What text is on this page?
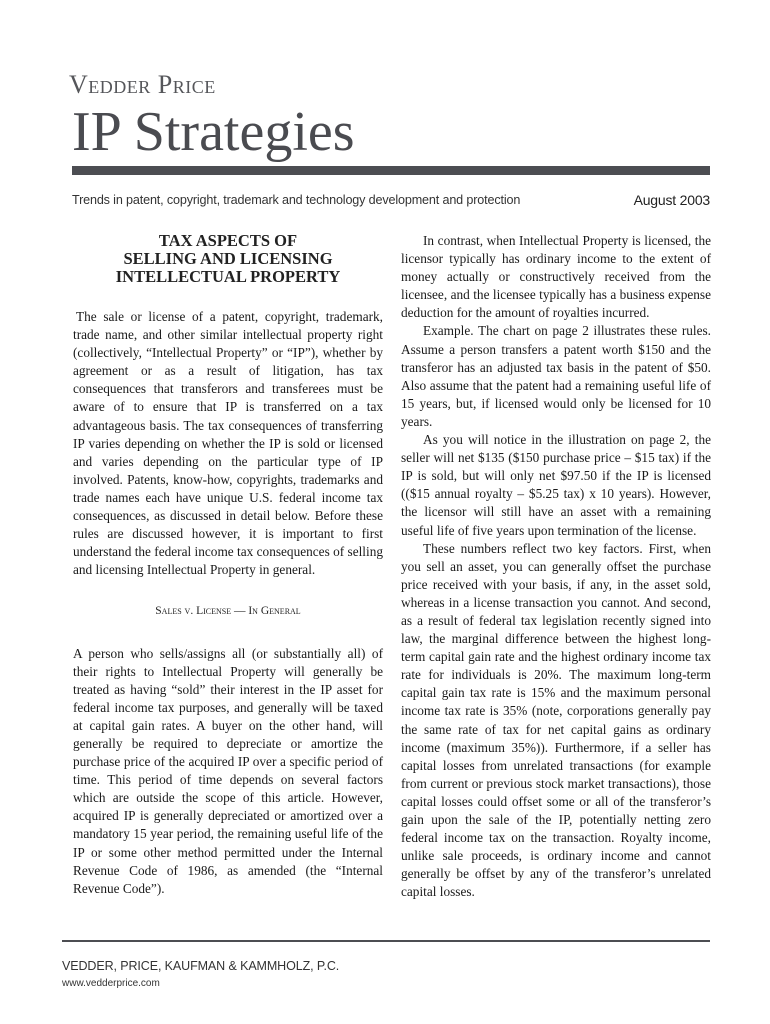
Vedder Price
IP Strategies
Trends in patent, copyright, trademark and technology development and protection	August 2003
TAX ASPECTS OF
SELLING AND LICENSING
INTELLECTUAL PROPERTY

The sale or license of a patent, copyright, trademark, trade name, and other similar intellectual property right (collectively, “Intellectual Property” or “IP”), whether by agreement or as a result of litigation, has tax consequences that transferors and transferees must be aware of to ensure that IP is transferred on a tax advantageous basis. The tax consequences of transferring IP varies depending on whether the IP is sold or licensed and varies depending on the particular type of IP involved. Patents, know-how, copyrights, trademarks and trade names each have unique U.S. federal income tax consequences, as discussed in detail below. Before these rules are discussed however, it is important to first understand the federal income tax consequences of selling and licensing Intellectual Property in general.

Sales v. License — In General

A person who sells/assigns all (or substantially all) of their rights to Intellectual Property will generally be treated as having “sold” their interest in the IP asset for federal income tax purposes, and generally will be taxed at capital gain rates. A buyer on the other hand, will generally be required to depreciate or amortize the purchase price of the acquired IP over a specific period of time. This period of time depends on several factors which are outside the scope of this article. However, acquired IP is generally depreciated or amortized over a mandatory 15 year period, the remaining useful life of the IP or some other method permitted under the Internal Revenue Code of 1986, as amended (the “Internal Revenue Code”).

In contrast, when Intellectual Property is licensed, the licensor typically has ordinary income to the extent of money actually or constructively received from the licensee, and the licensee typically has a business expense deduction for the amount of royalties incurred.

Example. The chart on page 2 illustrates these rules. Assume a person transfers a patent worth $150 and the transferor has an adjusted tax basis in the patent of $50. Also assume that the patent had a remaining useful life of 15 years, but, if licensed would only be licensed for 10 years.

As you will notice in the illustration on page 2, the seller will net $135 ($150 purchase price – $15 tax) if the IP is sold, but will only net $97.50 if the IP is licensed (($15 annual royalty – $5.25 tax) x 10 years). However, the licensor will still have an asset with a remaining useful life of five years upon termination of the license.

These numbers reflect two key factors. First, when you sell an asset, you can generally offset the purchase price received with your basis, if any, in the asset sold, whereas in a license transaction you cannot. And second, as a result of federal tax legislation recently signed into law, the marginal difference between the highest long-term capital gain rate and the highest ordinary income tax rate for individuals is 20%. The maximum long-term capital gain tax rate is 15% and the maximum personal income tax rate is 35% (note, corporations generally pay the same rate of tax for net capital gains as ordinary income (maximum 35%)). Furthermore, if a seller has capital losses from unrelated transactions (for example from current or previous stock market transactions), those capital losses could offset some or all of the transferor’s gain upon the sale of the IP, potentially netting zero federal income tax on the transaction. Royalty income, unlike sale proceeds, is ordinary income and cannot generally be offset by any of the transferor’s unrelated capital losses.

VEDDER, PRICE, KAUFMAN & KAMMHOLZ, P.C.
www.vedderprice.com
